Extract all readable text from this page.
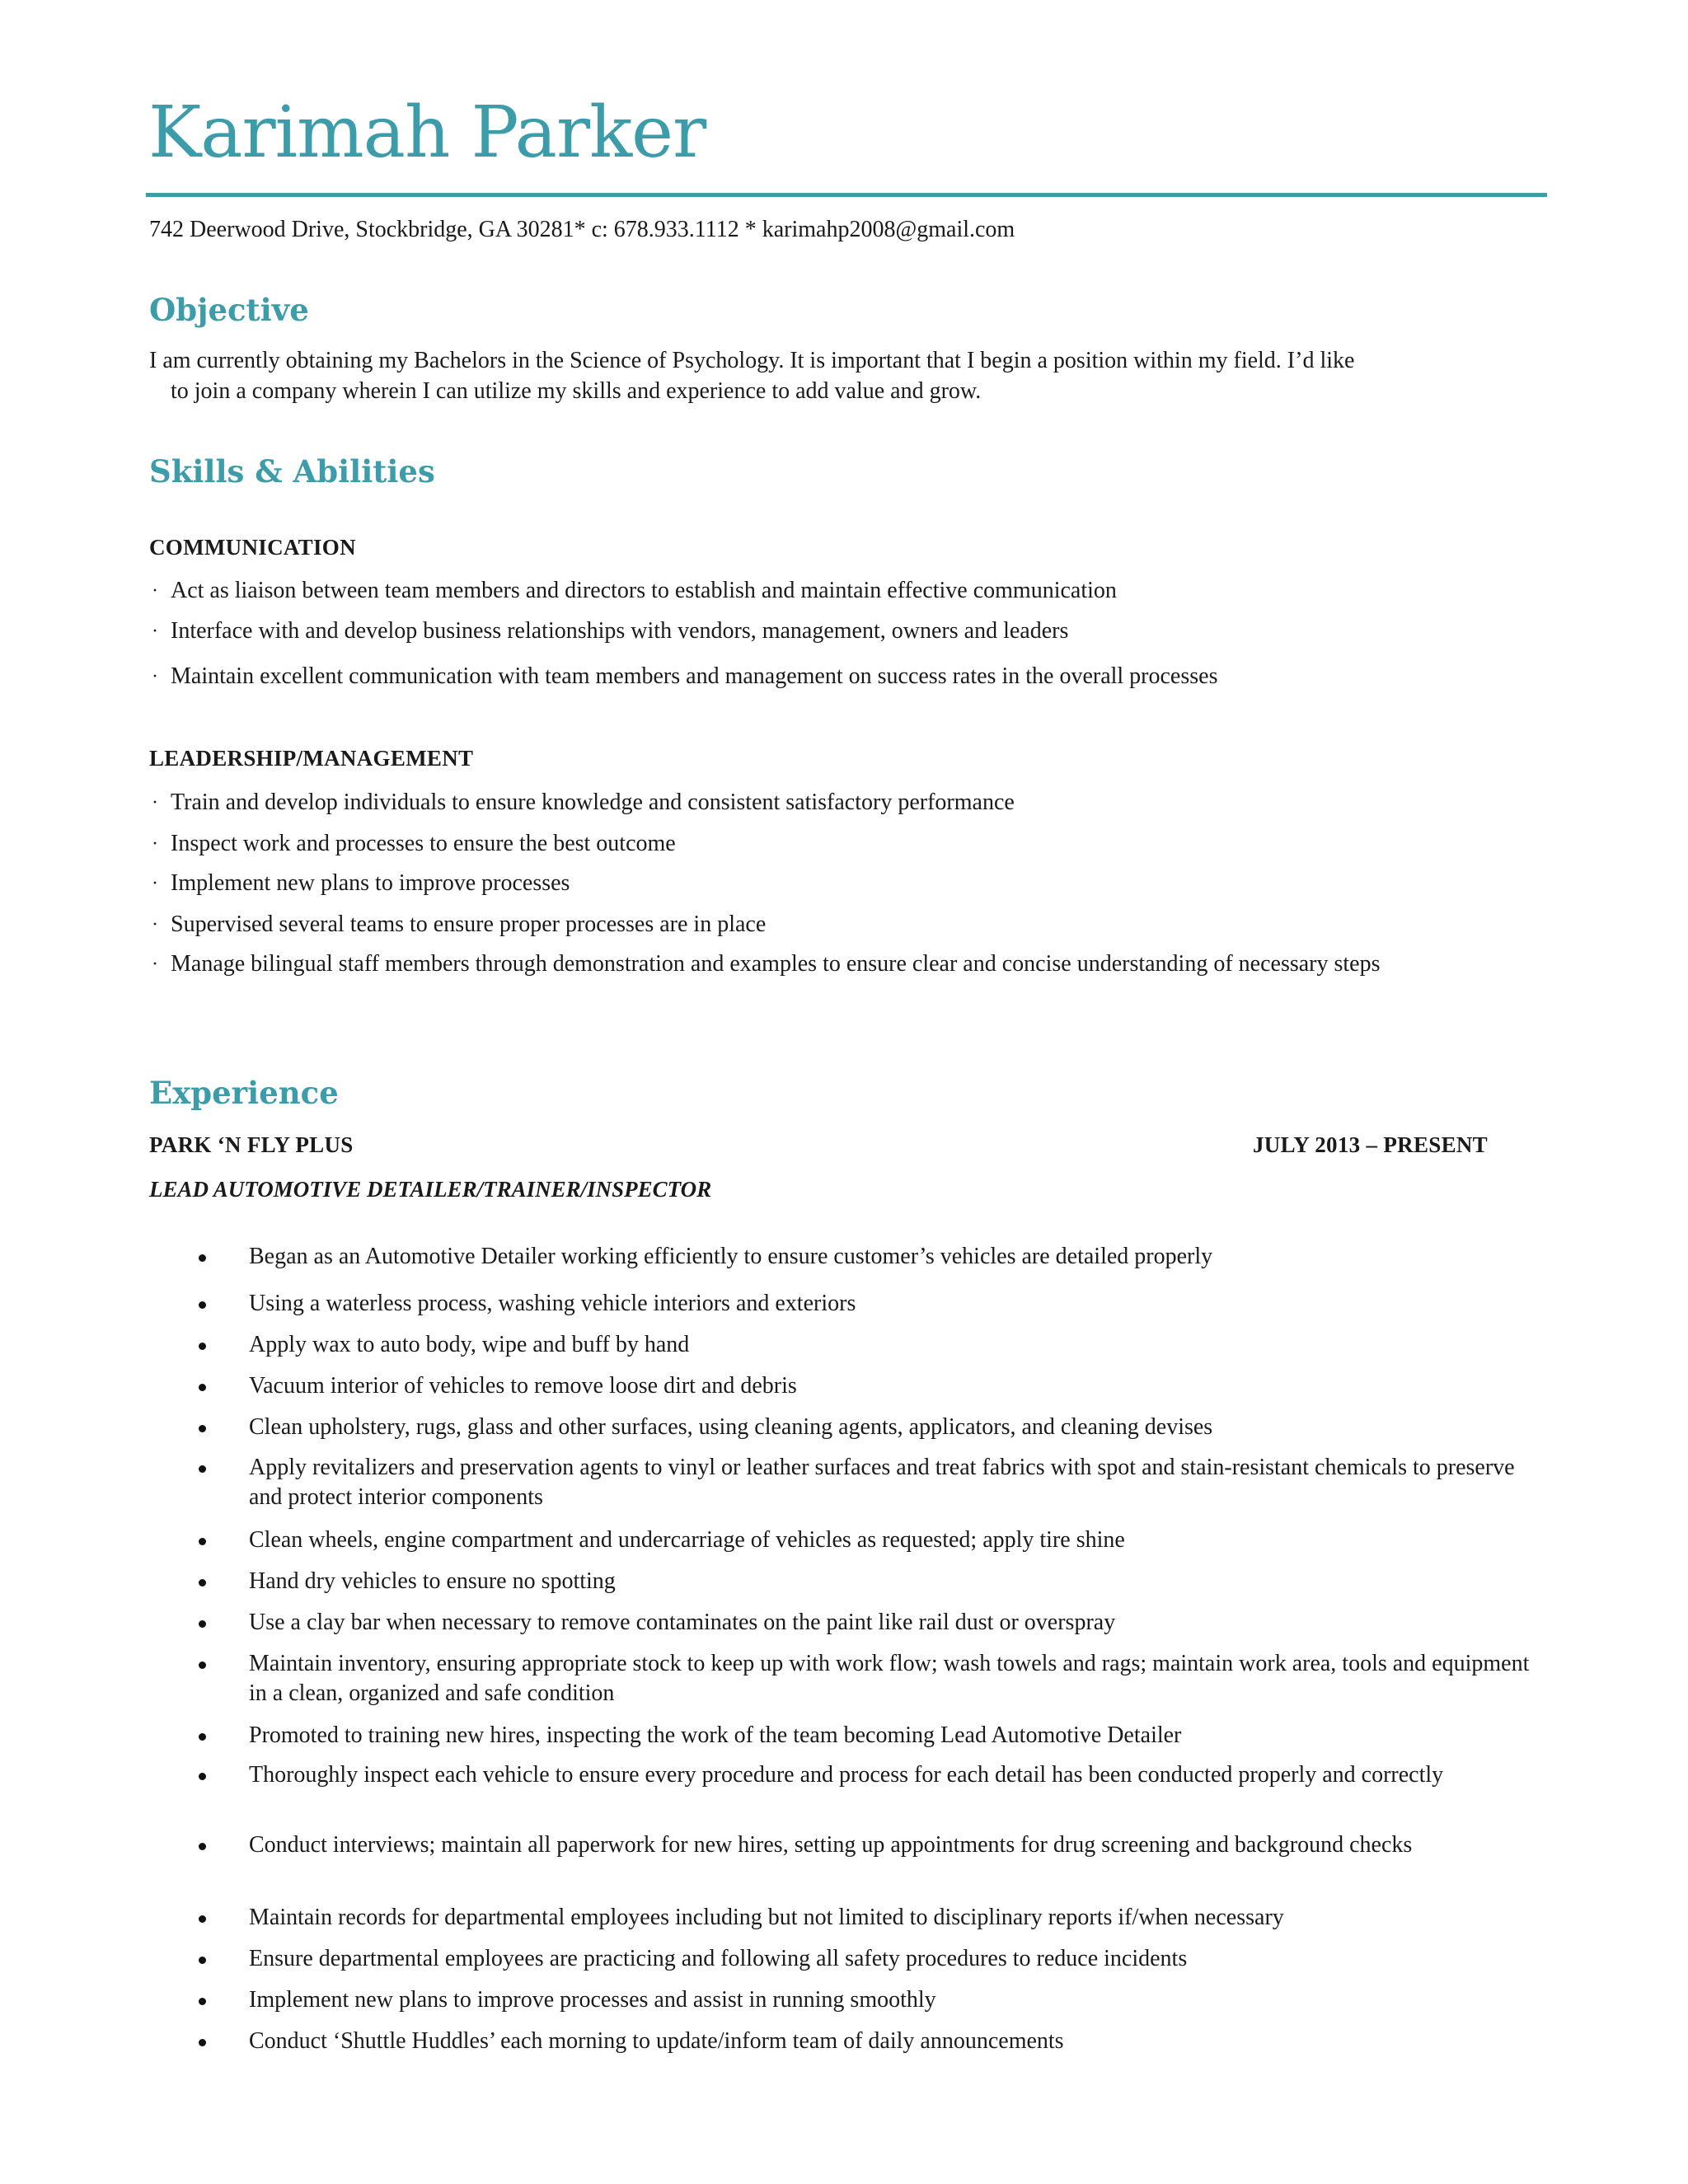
Karimah Parker
742 Deerwood Drive, Stockbridge, GA 30281* c: 678.933.1112 * karimahp2008@gmail.com
Objective
I am currently obtaining my Bachelors in the Science of Psychology. It is important that I begin a position within my field. I’d like
to join a company wherein I can utilize my skills and experience to add value and grow.
Skills & Abilities
COMMUNICATION
· Act as liaison between team members and directors to establish and maintain effective communication
· Interface with and develop business relationships with vendors, management, owners and leaders
· Maintain excellent communication with team members and management on success rates in the overall processes
LEADERSHIP/MANAGEMENT
· Train and develop individuals to ensure knowledge and consistent satisfactory performance
· Inspect work and processes to ensure the best outcome
· Implement new plans to improve processes
· Supervised several teams to ensure proper processes are in place
· Manage bilingual staff members through demonstration and examples to ensure clear and concise understanding of necessary steps
Experience
PARK ‘N FLY PLUS	JULY 2013 – PRESENT
LEAD AUTOMOTIVE DETAILER/TRAINER/INSPECTOR
Began as an Automotive Detailer working efficiently to ensure customer’s vehicles are detailed properly
Using a waterless process, washing vehicle interiors and exteriors
Apply wax to auto body, wipe and buff by hand
Vacuum interior of vehicles to remove loose dirt and debris
Clean upholstery, rugs, glass and other surfaces, using cleaning agents, applicators, and cleaning devises
Apply revitalizers and preservation agents to vinyl or leather surfaces and treat fabrics with spot and stain-resistant chemicals to preserve and protect interior components
Clean wheels, engine compartment and undercarriage of vehicles as requested; apply tire shine
Hand dry vehicles to ensure no spotting
Use a clay bar when necessary to remove contaminates on the paint like rail dust or overspray
Maintain inventory, ensuring appropriate stock to keep up with work flow; wash towels and rags; maintain work area, tools and equipment in a clean, organized and safe condition
Promoted to training new hires, inspecting the work of the team becoming Lead Automotive Detailer
Thoroughly inspect each vehicle to ensure every procedure and process for each detail has been conducted properly and correctly
Conduct interviews; maintain all paperwork for new hires, setting up appointments for drug screening and background checks
Maintain records for departmental employees including but not limited to disciplinary reports if/when necessary
Ensure departmental employees are practicing and following all safety procedures to reduce incidents
Implement new plans to improve processes and assist in running smoothly
Conduct ‘Shuttle Huddles’ each morning to update/inform team of daily announcements
